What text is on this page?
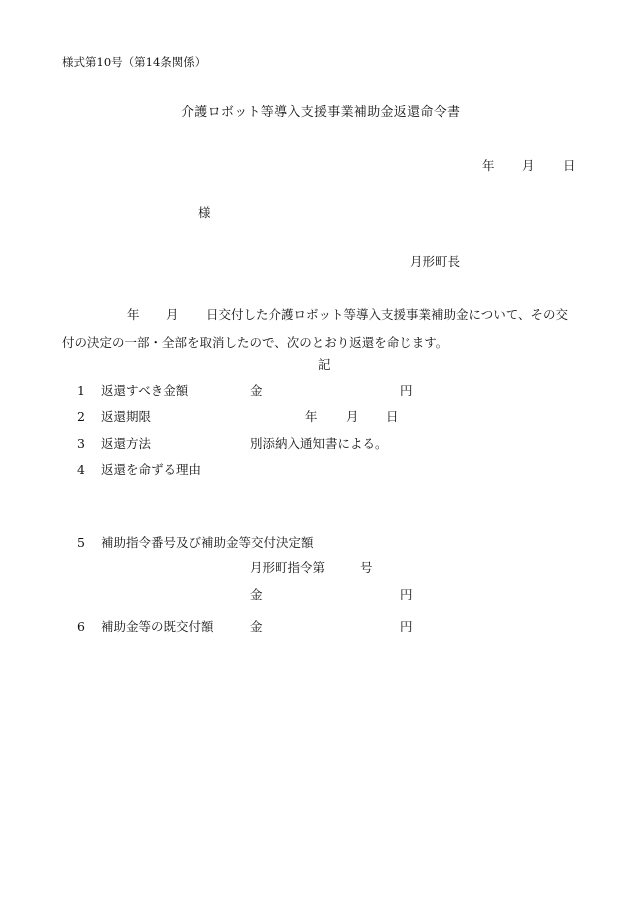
様式第10号（第14条関係）
介護ロボット等導入支援事業補助金返還命令書
年 月 日
様
月形町長
年 月 日交付した介護ロボット等導入支援事業補助金について、その交
付の決定の一部・全部を取消したので、次のとおり返還を命じます。
記
1 返還すべき金額	金	円
2 返還期限	年 月 日
3 返還方法	別添納入通知書による。
4 返還を命ずる理由
5 補助指令番号及び補助金等交付決定額
月形町指令第	号
金	円
6 補助金等の既交付額	金	円
